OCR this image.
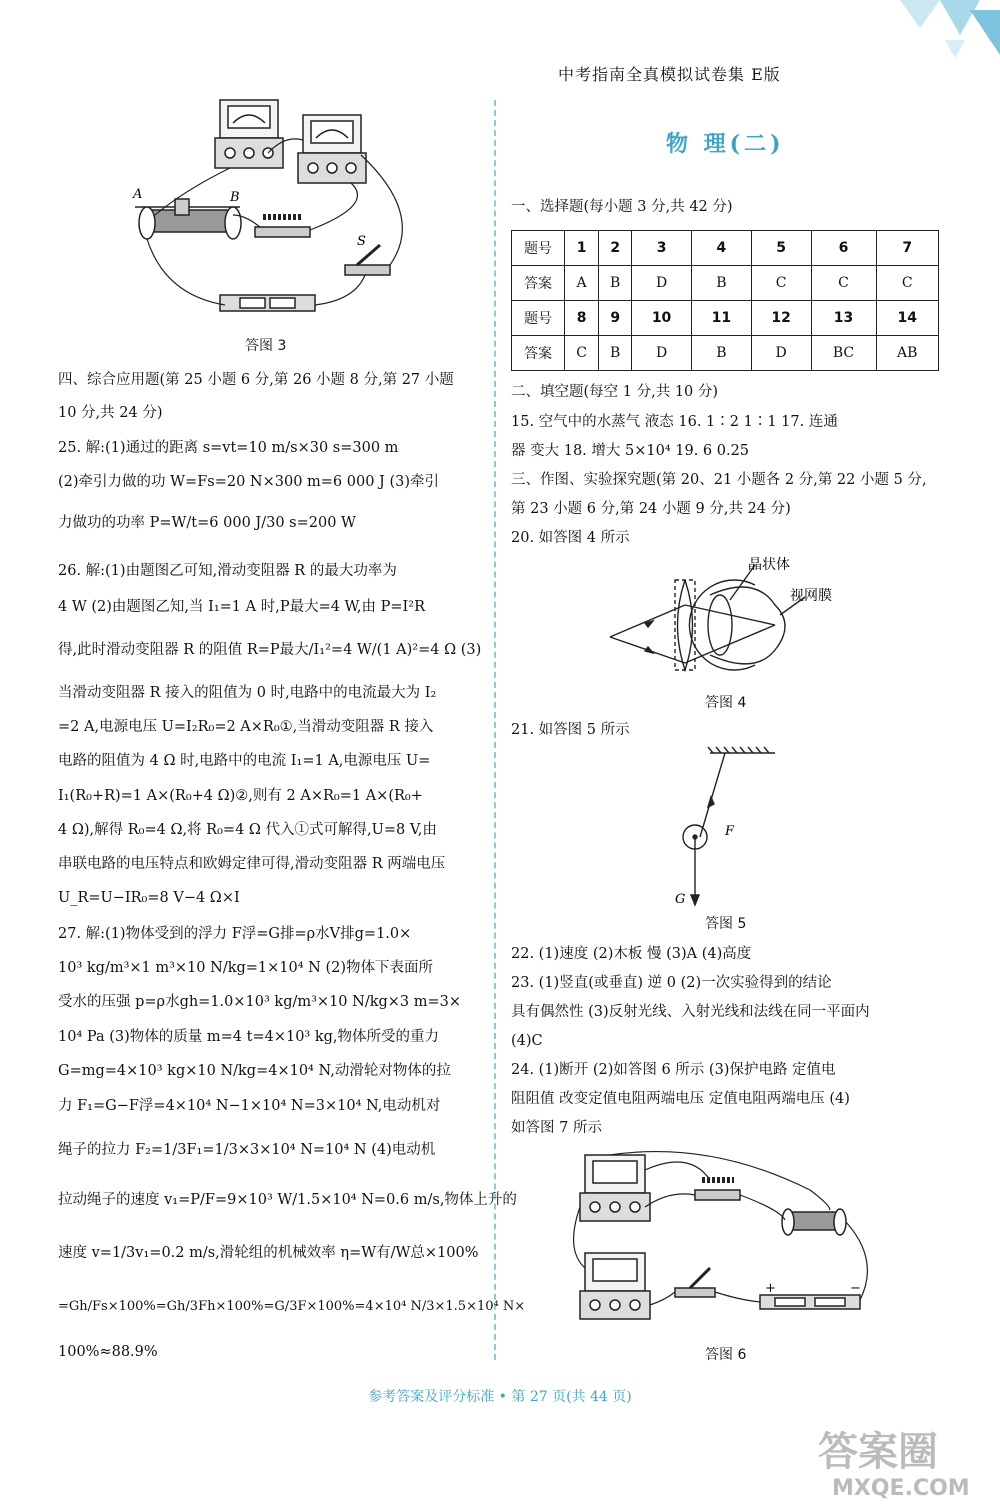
中考指南全真模拟试卷集 E版
A	B
S
答图 3
四、综合应用题(第 25 小题 6 分,第 26 小题 8 分,第 27 小题
10 分,共 24 分)
25. 解:(1)通过的距离 s=vt=10 m/s×30 s=300 m
(2)牵引力做的功 W=Fs=20 N×300 m=6 000 J (3)牵引
力做功的功率 P=W/t=6 000 J/30 s=200 W
26. 解:(1)由题图乙可知,滑动变阻器 R 的最大功率为
4 W (2)由题图乙知,当 I₁=1 A 时,P最大=4 W,由 P=I²R
得,此时滑动变阻器 R 的阻值 R=P最大/I₁²=4 W/(1 A)²=4 Ω (3)
当滑动变阻器 R 接入的阻值为 0 时,电路中的电流最大为 I₂
=2 A,电源电压 U=I₂R₀=2 A×R₀①,当滑动变阻器 R 接入
电路的阻值为 4 Ω 时,电路中的电流 I₁=1 A,电源电压 U=
I₁(R₀+R)=1 A×(R₀+4 Ω)②,则有 2 A×R₀=1 A×(R₀+
4 Ω),解得 R₀=4 Ω,将 R₀=4 Ω 代入①式可解得,U=8 V,由
串联电路的电压特点和欧姆定律可得,滑动变阻器 R 两端电压
U_R=U−IR₀=8 V−4 Ω×I
27. 解:(1)物体受到的浮力 F浮=G排=ρ水V排g=1.0×
10³ kg/m³×1 m³×10 N/kg=1×10⁴ N (2)物体下表面所
受水的压强 p=ρ水gh=1.0×10³ kg/m³×10 N/kg×3 m=3×
10⁴ Pa (3)物体的质量 m=4 t=4×10³ kg,物体所受的重力
G=mg=4×10³ kg×10 N/kg=4×10⁴ N,动滑轮对物体的拉
力 F₁=G−F浮=4×10⁴ N−1×10⁴ N=3×10⁴ N,电动机对
绳子的拉力 F₂=1/3F₁=1/3×3×10⁴ N=10⁴ N (4)电动机
拉动绳子的速度 v₁=P/F=9×10³ W/1.5×10⁴ N=0.6 m/s,物体上升的
速度 v=1/3v₁=0.2 m/s,滑轮组的机械效率 η=W有/W总×100%
=Gh/Fs×100%=Gh/3Fh×100%=G/3F×100%=4×10⁴ N/3×1.5×10⁴ N×
100%≈88.9%
物 理(二)
一、选择题(每小题 3 分,共 42 分)
题号	1	2	3	4	5	6	7
答案	A	B	D	B	C	C	C
题号	8	9	10	11	12	13	14
答案	C	B	D	B	D	BC	AB
二、填空题(每空 1 分,共 10 分)
15. 空气中的水蒸气 液态 16. 1∶2 1∶1 17. 连通
器 变大 18. 增大 5×10⁴ 19. 6 0.25
三、作图、实验探究题(第 20、21 小题各 2 分,第 22 小题 5 分,
第 23 小题 6 分,第 24 小题 9 分,共 24 分)
20. 如答图 4 所示
晶状体
视网膜
答图 4
21. 如答图 5 所示
F
G
答图 5
22. (1)速度 (2)木板 慢 (3)A (4)高度
23. (1)竖直(或垂直) 逆 0 (2)一次实验得到的结论
具有偶然性 (3)反射光线、入射光线和法线在同一平面内
(4)C
24. (1)断开 (2)如答图 6 所示 (3)保护电路 定值电
阻阻值 改变定值电阻两端电压 定值电阻两端电压 (4)
如答图 7 所示
+	−
答图 6
参考答案及评分标准 • 第 27 页(共 44 页)
答案圈
MXQE.COM
